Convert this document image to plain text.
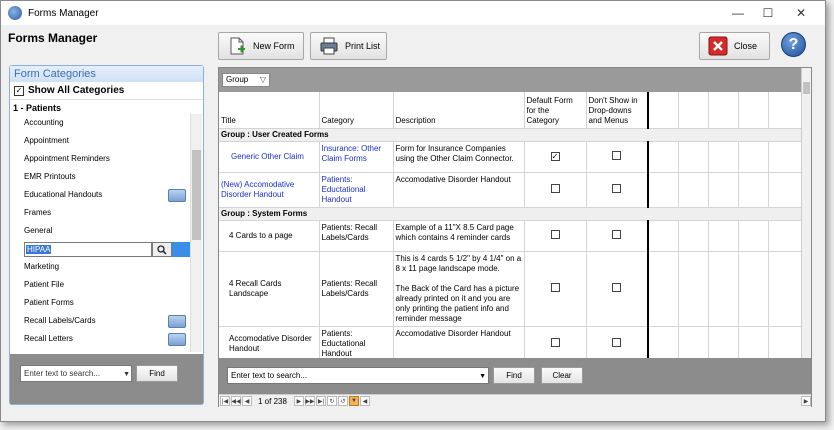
Forms Manager	—	☐	✕
Forms Manager
New Form	Print List	Close	?
Form Categories
✓ Show All Categories
1 - Patients
Accounting
Appointment
Appointment Reminders
EMR Printouts
Educational Handouts
Frames
General
HIPAA
Marketing
Patient File
Patient Forms
Recall Labels/Cards
Recall Letters
Enter text to search...	▼	Find
Group ▽
Title	Category	Description	Default Form for the Category	Don't Show in Drop-downs and Menus					
Group : User Created Forms									
Generic Other Claim	Insurance: Other Claim Forms	Form for Insurance Companies using the Other Claim Connector.	✓						
(New) Accomodative Disorder Handout	Patients: Eductational Handout	Accomodative Disorder Handout							
Group : System Forms									
4 Cards to a page	Patients: Recall Labels/Cards	Example of a 11"X 8.5 Card page which contains 4 reminder cards							
4 Recall Cards Landscape	Patients: Recall Labels/Cards	This is 4 cards 5 1/2" by 4 1/4" on a 8 x 11 page landscape mode.

The Back of the Card has a picture already printed on it and you are only printing the patient info and reminder message							
Accomodative Disorder Handout	Patients: Eductational Handout	Accomodative Disorder Handout							
Enter text to search...	▼	Find	Clear
|◀ ◀◀ ◀	1 of 238	▶ ▶▶ ▶| ↻ ↺ ▼ ◀	▶
